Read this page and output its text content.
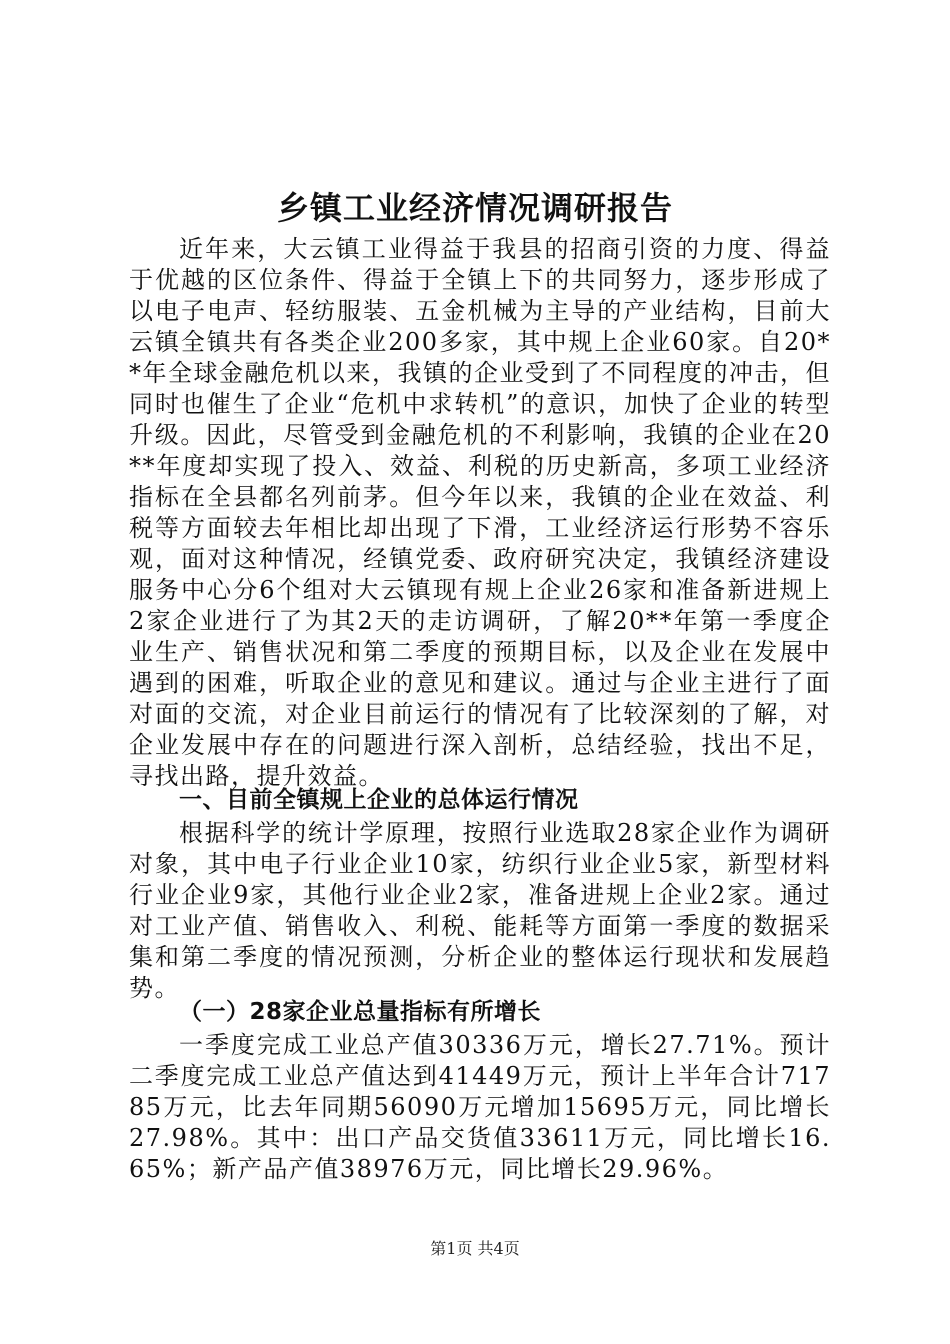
乡镇工业经济情况调研报告

近年来，大云镇工业得益于我县的招商引资的力度、得益于优越的区位条件、得益于全镇上下的共同努力，逐步形成了以电子电声、轻纺服装、五金机械为主导的产业结构，目前大云镇全镇共有各类企业200多家，其中规上企业60家。自20**年全球金融危机以来，我镇的企业受到了不同程度的冲击，但同时也催生了企业“危机中求转机”的意识，加快了企业的转型升级。因此，尽管受到金融危机的不利影响，我镇的企业在20**年度却实现了投入、效益、利税的历史新高，多项工业经济指标在全县都名列前茅。但今年以来，我镇的企业在效益、利税等方面较去年相比却出现了下滑，工业经济运行形势不容乐观，面对这种情况，经镇党委、政府研究决定，我镇经济建设服务中心分6个组对大云镇现有规上企业26家和准备新进规上2家企业进行了为其2天的走访调研，了解20**年第一季度企业生产、销售状况和第二季度的预期目标，以及企业在发展中遇到的困难，听取企业的意见和建议。通过与企业主进行了面对面的交流，对企业目前运行的情况有了比较深刻的了解，对企业发展中存在的问题进行深入剖析，总结经验，找出不足，寻找出路，提升效益。

一、目前全镇规上企业的总体运行情况

根据科学的统计学原理，按照行业选取28家企业作为调研对象，其中电子行业企业10家，纺织行业企业5家，新型材料行业企业9家，其他行业企业2家，准备进规上企业2家。通过对工业产值、销售收入、利税、能耗等方面第一季度的数据采集和第二季度的情况预测，分析企业的整体运行现状和发展趋势。

（一）28家企业总量指标有所增长

一季度完成工业总产值30336万元，增长27.71%。预计二季度完成工业总产值达到41449万元，预计上半年合计71785万元，比去年同期56090万元增加15695万元，同比增长27.98%。其中：出口产品交货值33611万元，同比增长16.65%；新产品产值38976万元，同比增长29.96%。

第1页 共4页
